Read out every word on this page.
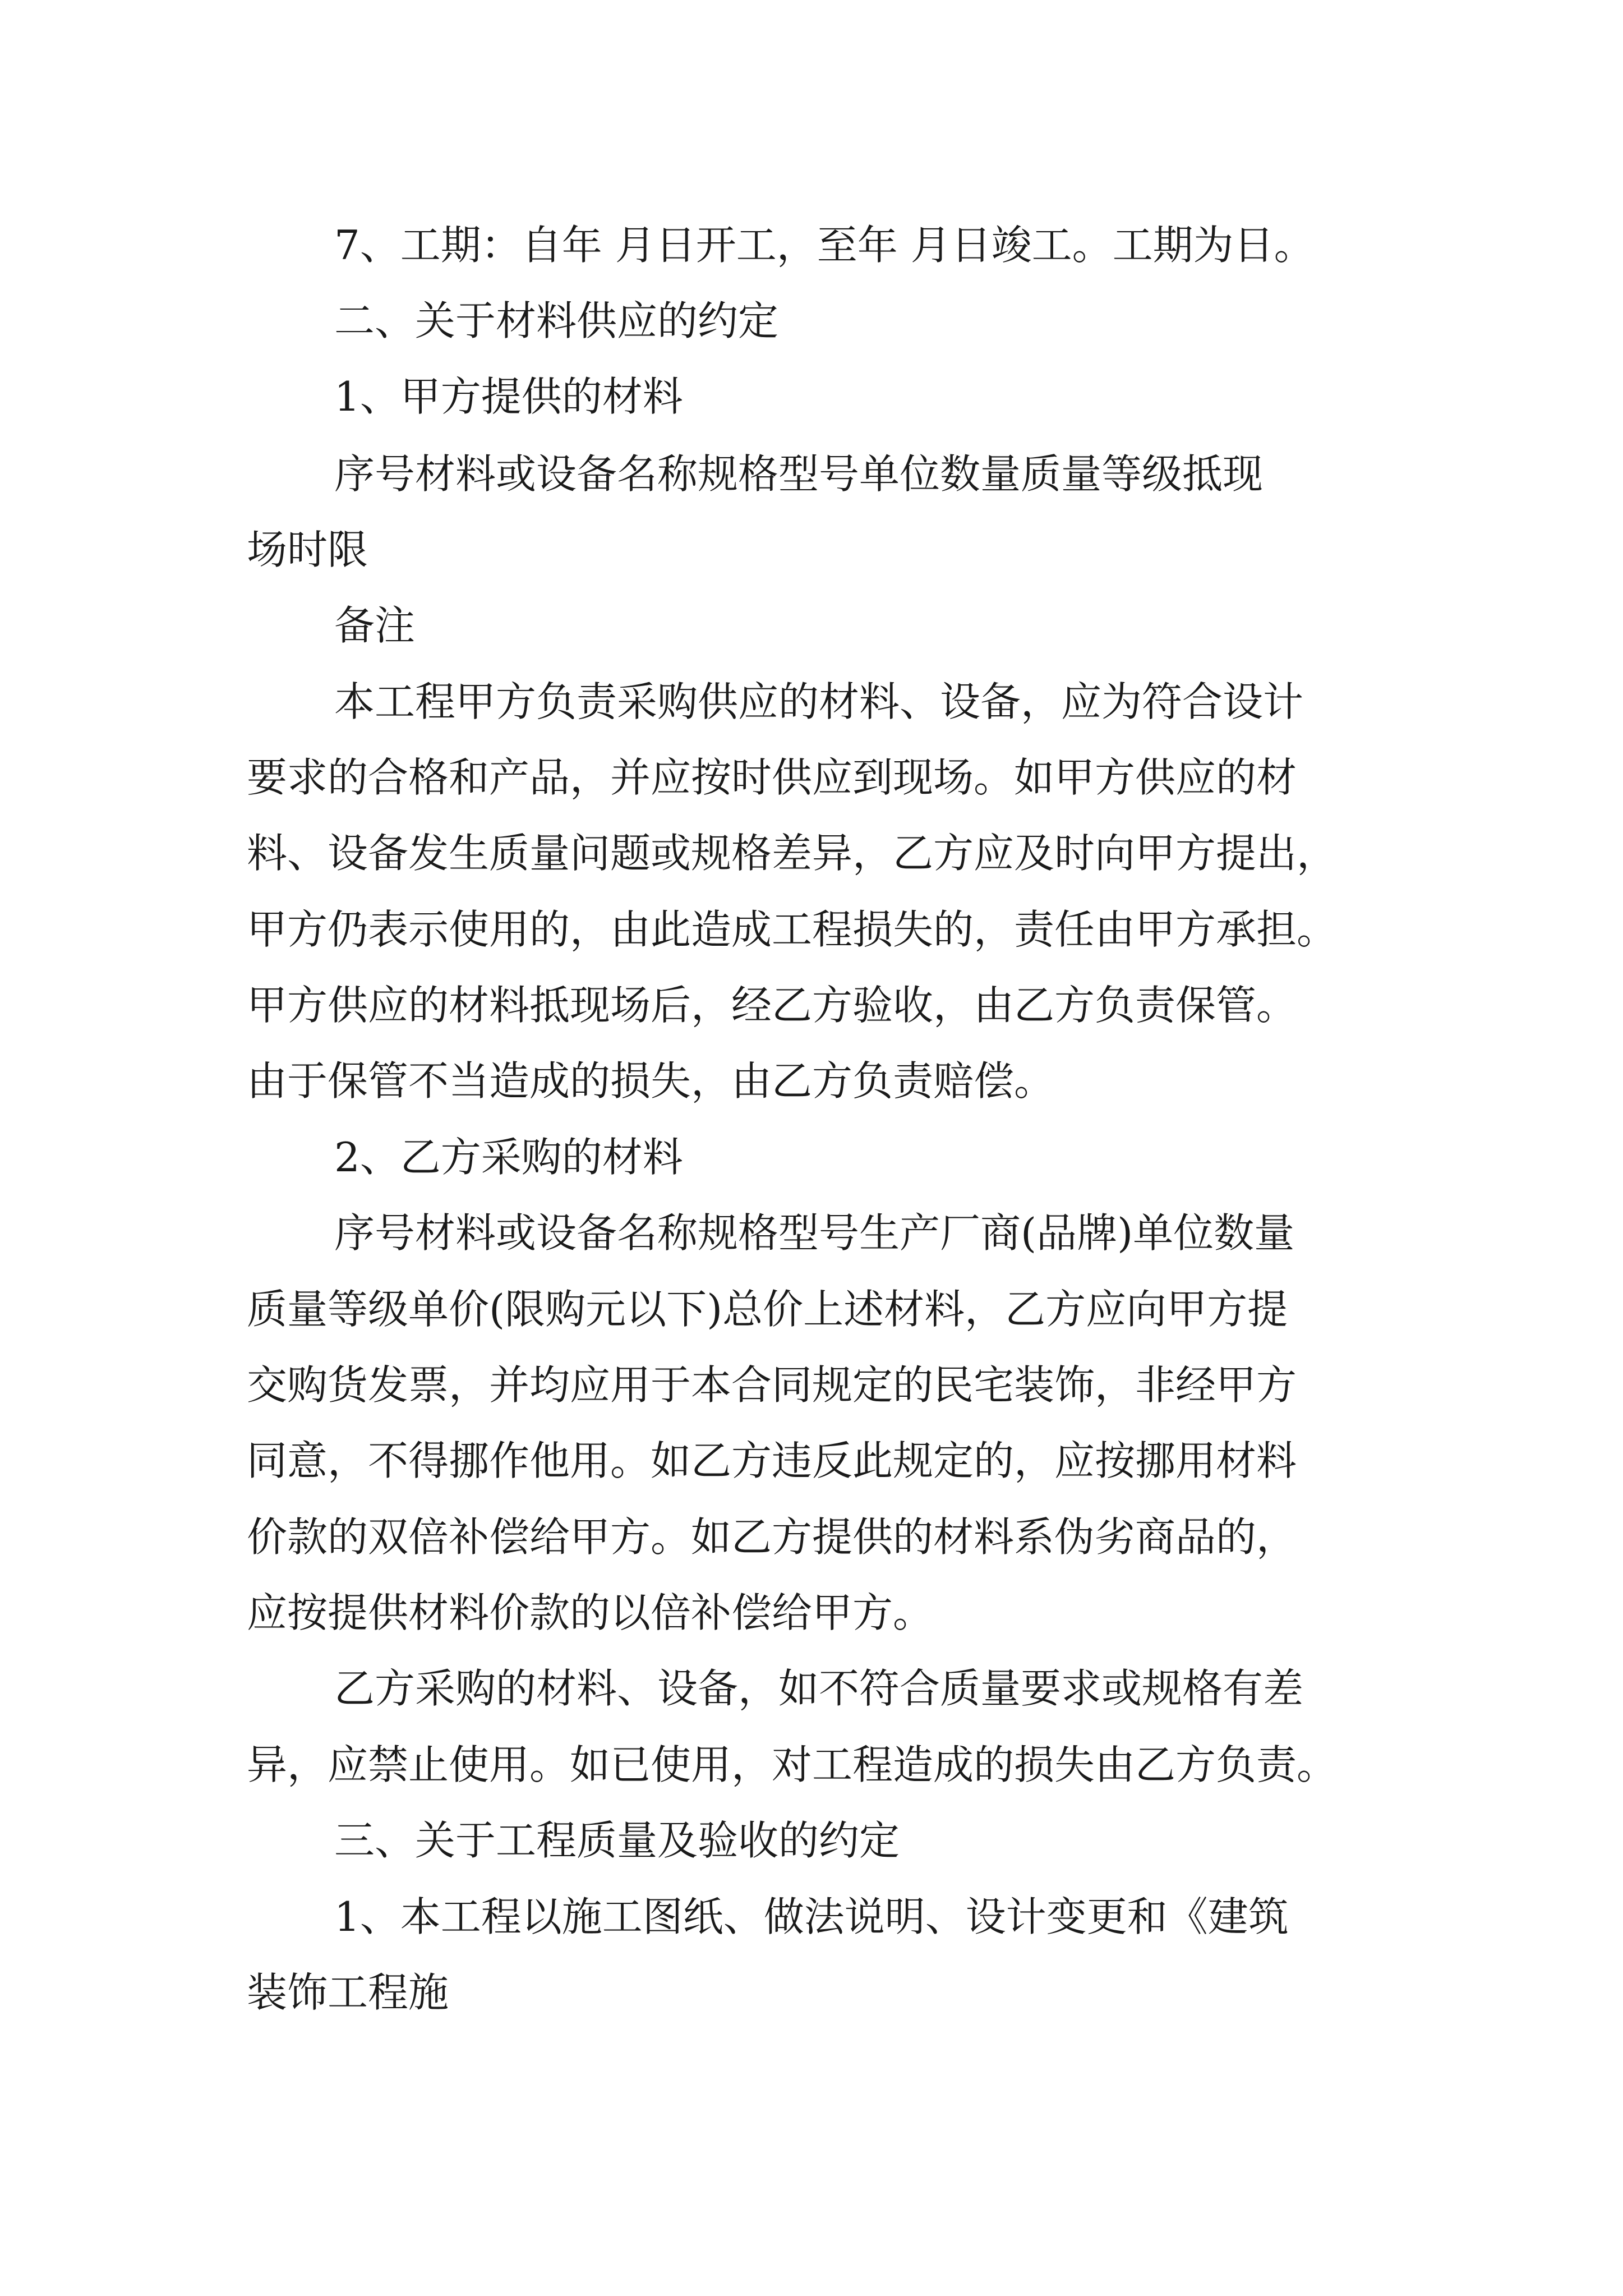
7、工期：自年 月日开工，至年 月日竣工。工期为日。

二、关于材料供应的约定

1、甲方提供的材料

序号材料或设备名称规格型号单位数量质量等级抵现

场时限

备注

本工程甲方负责采购供应的材料、设备，应为符合设计

要求的合格和产品，并应按时供应到现场。如甲方供应的材

料、设备发生质量问题或规格差异，乙方应及时向甲方提出，

甲方仍表示使用的，由此造成工程损失的，责任由甲方承担。

甲方供应的材料抵现场后，经乙方验收，由乙方负责保管。

由于保管不当造成的损失，由乙方负责赔偿。

2、乙方采购的材料

序号材料或设备名称规格型号生产厂商(品牌)单位数量

质量等级单价(限购元以下)总价上述材料，乙方应向甲方提

交购货发票，并均应用于本合同规定的民宅装饰，非经甲方

同意，不得挪作他用。如乙方违反此规定的，应按挪用材料

价款的双倍补偿给甲方。如乙方提供的材料系伪劣商品的，

应按提供材料价款的以倍补偿给甲方。

乙方采购的材料、设备，如不符合质量要求或规格有差

异，应禁止使用。如已使用，对工程造成的损失由乙方负责。

三、关于工程质量及验收的约定

1、本工程以施工图纸、做法说明、设计变更和《建筑

装饰工程施
